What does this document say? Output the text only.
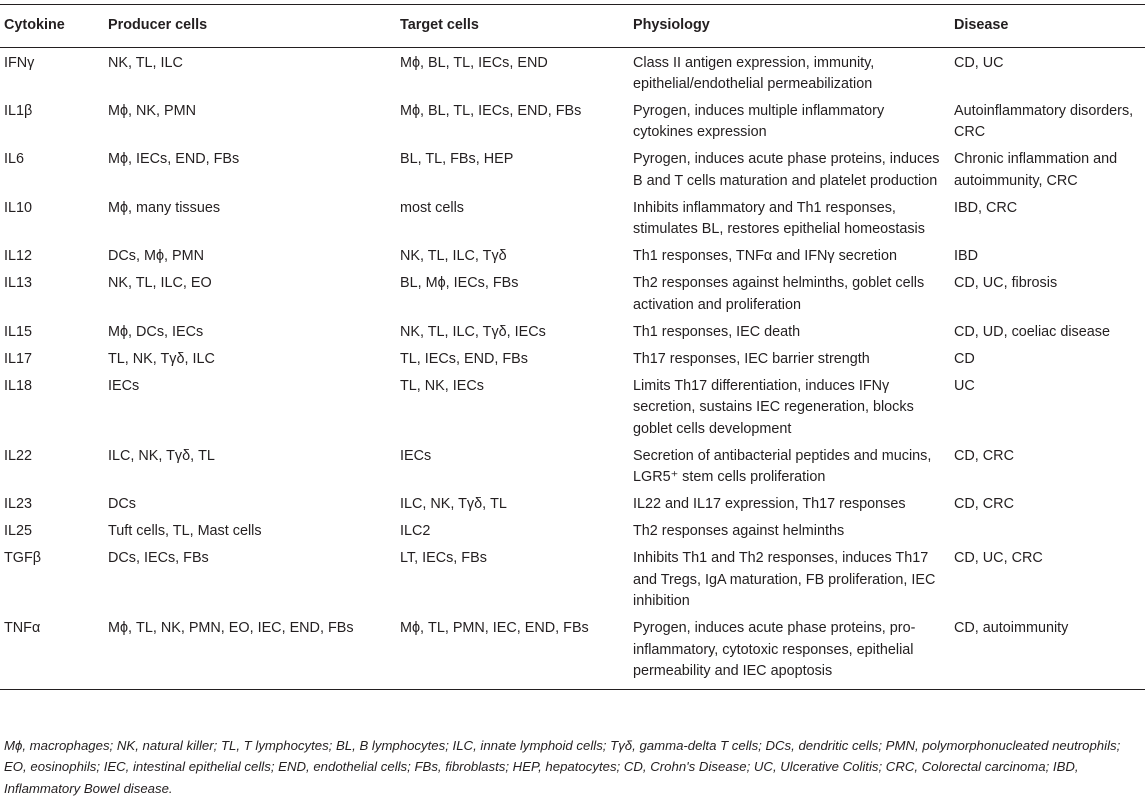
Cytokine	Producer cells	Target cells	Physiology	Disease
IFNγ	NK, TL, ILC	Mϕ, BL, TL, IECs, END	Class II antigen expression, immunity, epithelial/endothelial permeabilization	CD, UC
IL1β	Mϕ, NK, PMN	Mϕ, BL, TL, IECs, END, FBs	Pyrogen, induces multiple inflammatory cytokines expression	Autoinflammatory disorders, CRC
IL6	Mϕ, IECs, END, FBs	BL, TL, FBs, HEP	Pyrogen, induces acute phase proteins, induces B and T cells maturation and platelet production	Chronic inflammation and autoimmunity, CRC
IL10	Mϕ, many tissues	most cells	Inhibits inflammatory and Th1 responses, stimulates BL, restores epithelial homeostasis	IBD, CRC
IL12	DCs, Mϕ, PMN	NK, TL, ILC, Tγδ	Th1 responses, TNFα and IFNγ secretion	IBD
IL13	NK, TL, ILC, EO	BL, Mϕ, IECs, FBs	Th2 responses against helminths, goblet cells activation and proliferation	CD, UC, fibrosis
IL15	Mϕ, DCs, IECs	NK, TL, ILC, Tγδ, IECs	Th1 responses, IEC death	CD, UD, coeliac disease
IL17	TL, NK, Tγδ, ILC	TL, IECs, END, FBs	Th17 responses, IEC barrier strength	CD
IL18	IECs	TL, NK, IECs	Limits Th17 differentiation, induces IFNγ secretion, sustains IEC regeneration, blocks goblet cells development	UC
IL22	ILC, NK, Tγδ, TL	IECs	Secretion of antibacterial peptides and mucins, LGR5⁺ stem cells proliferation	CD, CRC
IL23	DCs	ILC, NK, Tγδ, TL	IL22 and IL17 expression, Th17 responses	CD, CRC
IL25	Tuft cells, TL, Mast cells	ILC2	Th2 responses against helminths	
TGFβ	DCs, IECs, FBs	LT, IECs, FBs	Inhibits Th1 and Th2 responses, induces Th17 and Tregs, IgA maturation, FB proliferation, IEC inhibition	CD, UC, CRC
TNFα	Mϕ, TL, NK, PMN, EO, IEC, END, FBs	Mϕ, TL, PMN, IEC, END, FBs	Pyrogen, induces acute phase proteins, pro-inflammatory, cytotoxic responses, epithelial permeability and IEC apoptosis	CD, autoimmunity
Mϕ, macrophages; NK, natural killer; TL, T lymphocytes; BL, B lymphocytes; ILC, innate lymphoid cells; Tγδ, gamma-delta T cells; DCs, dendritic cells; PMN, polymorphonucleated neutrophils; EO, eosinophils; IEC, intestinal epithelial cells; END, endothelial cells; FBs, fibroblasts; HEP, hepatocytes; CD, Crohn's Disease; UC, Ulcerative Colitis; CRC, Colorectal carcinoma; IBD, Inflammatory Bowel disease.
